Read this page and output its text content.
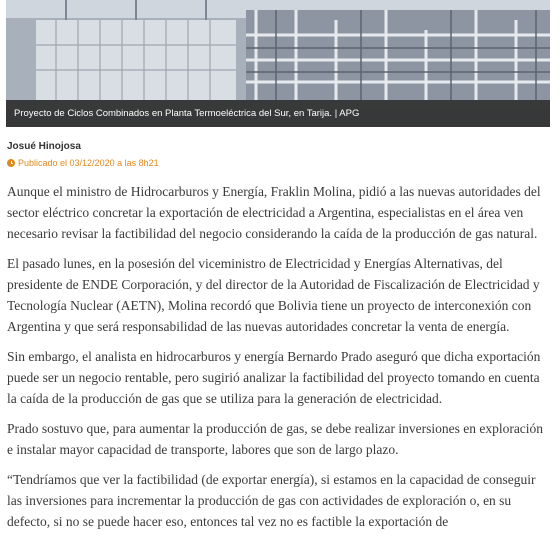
Proyecto de Ciclos Combinados en Planta Termoeléctrica del Sur, en Tarija. | APG
Josué Hinojosa
Publicado el 03/12/2020 a las 8h21

Aunque el ministro de Hidrocarburos y Energía, Fraklin Molina, pidió a las nuevas autoridades del sector eléctrico concretar la exportación de electricidad a Argentina, especialistas en el área ven necesario revisar la factibilidad del negocio considerando la caída de la producción de gas natural.

El pasado lunes, en la posesión del viceministro de Electricidad y Energías Alternativas, del presidente de ENDE Corporación, y del director de la Autoridad de Fiscalización de Electricidad y Tecnología Nuclear (AETN), Molina recordó que Bolivia tiene un proyecto de interconexión con Argentina y que será responsabilidad de las nuevas autoridades concretar la venta de energía.

Sin embargo, el analista en hidrocarburos y energía Bernardo Prado aseguró que dicha exportación puede ser un negocio rentable, pero sugirió analizar la factibilidad del proyecto tomando en cuenta la caída de la producción de gas que se utiliza para la generación de electricidad.

Prado sostuvo que, para aumentar la producción de gas, se debe realizar inversiones en exploración e instalar mayor capacidad de transporte, labores que son de largo plazo.

“Tendríamos que ver la factibilidad (de exportar energía), si estamos en la capacidad de conseguir las inversiones para incrementar la producción de gas con actividades de exploración o, en su defecto, si no se puede hacer eso, entonces tal vez no es factible la exportación de
